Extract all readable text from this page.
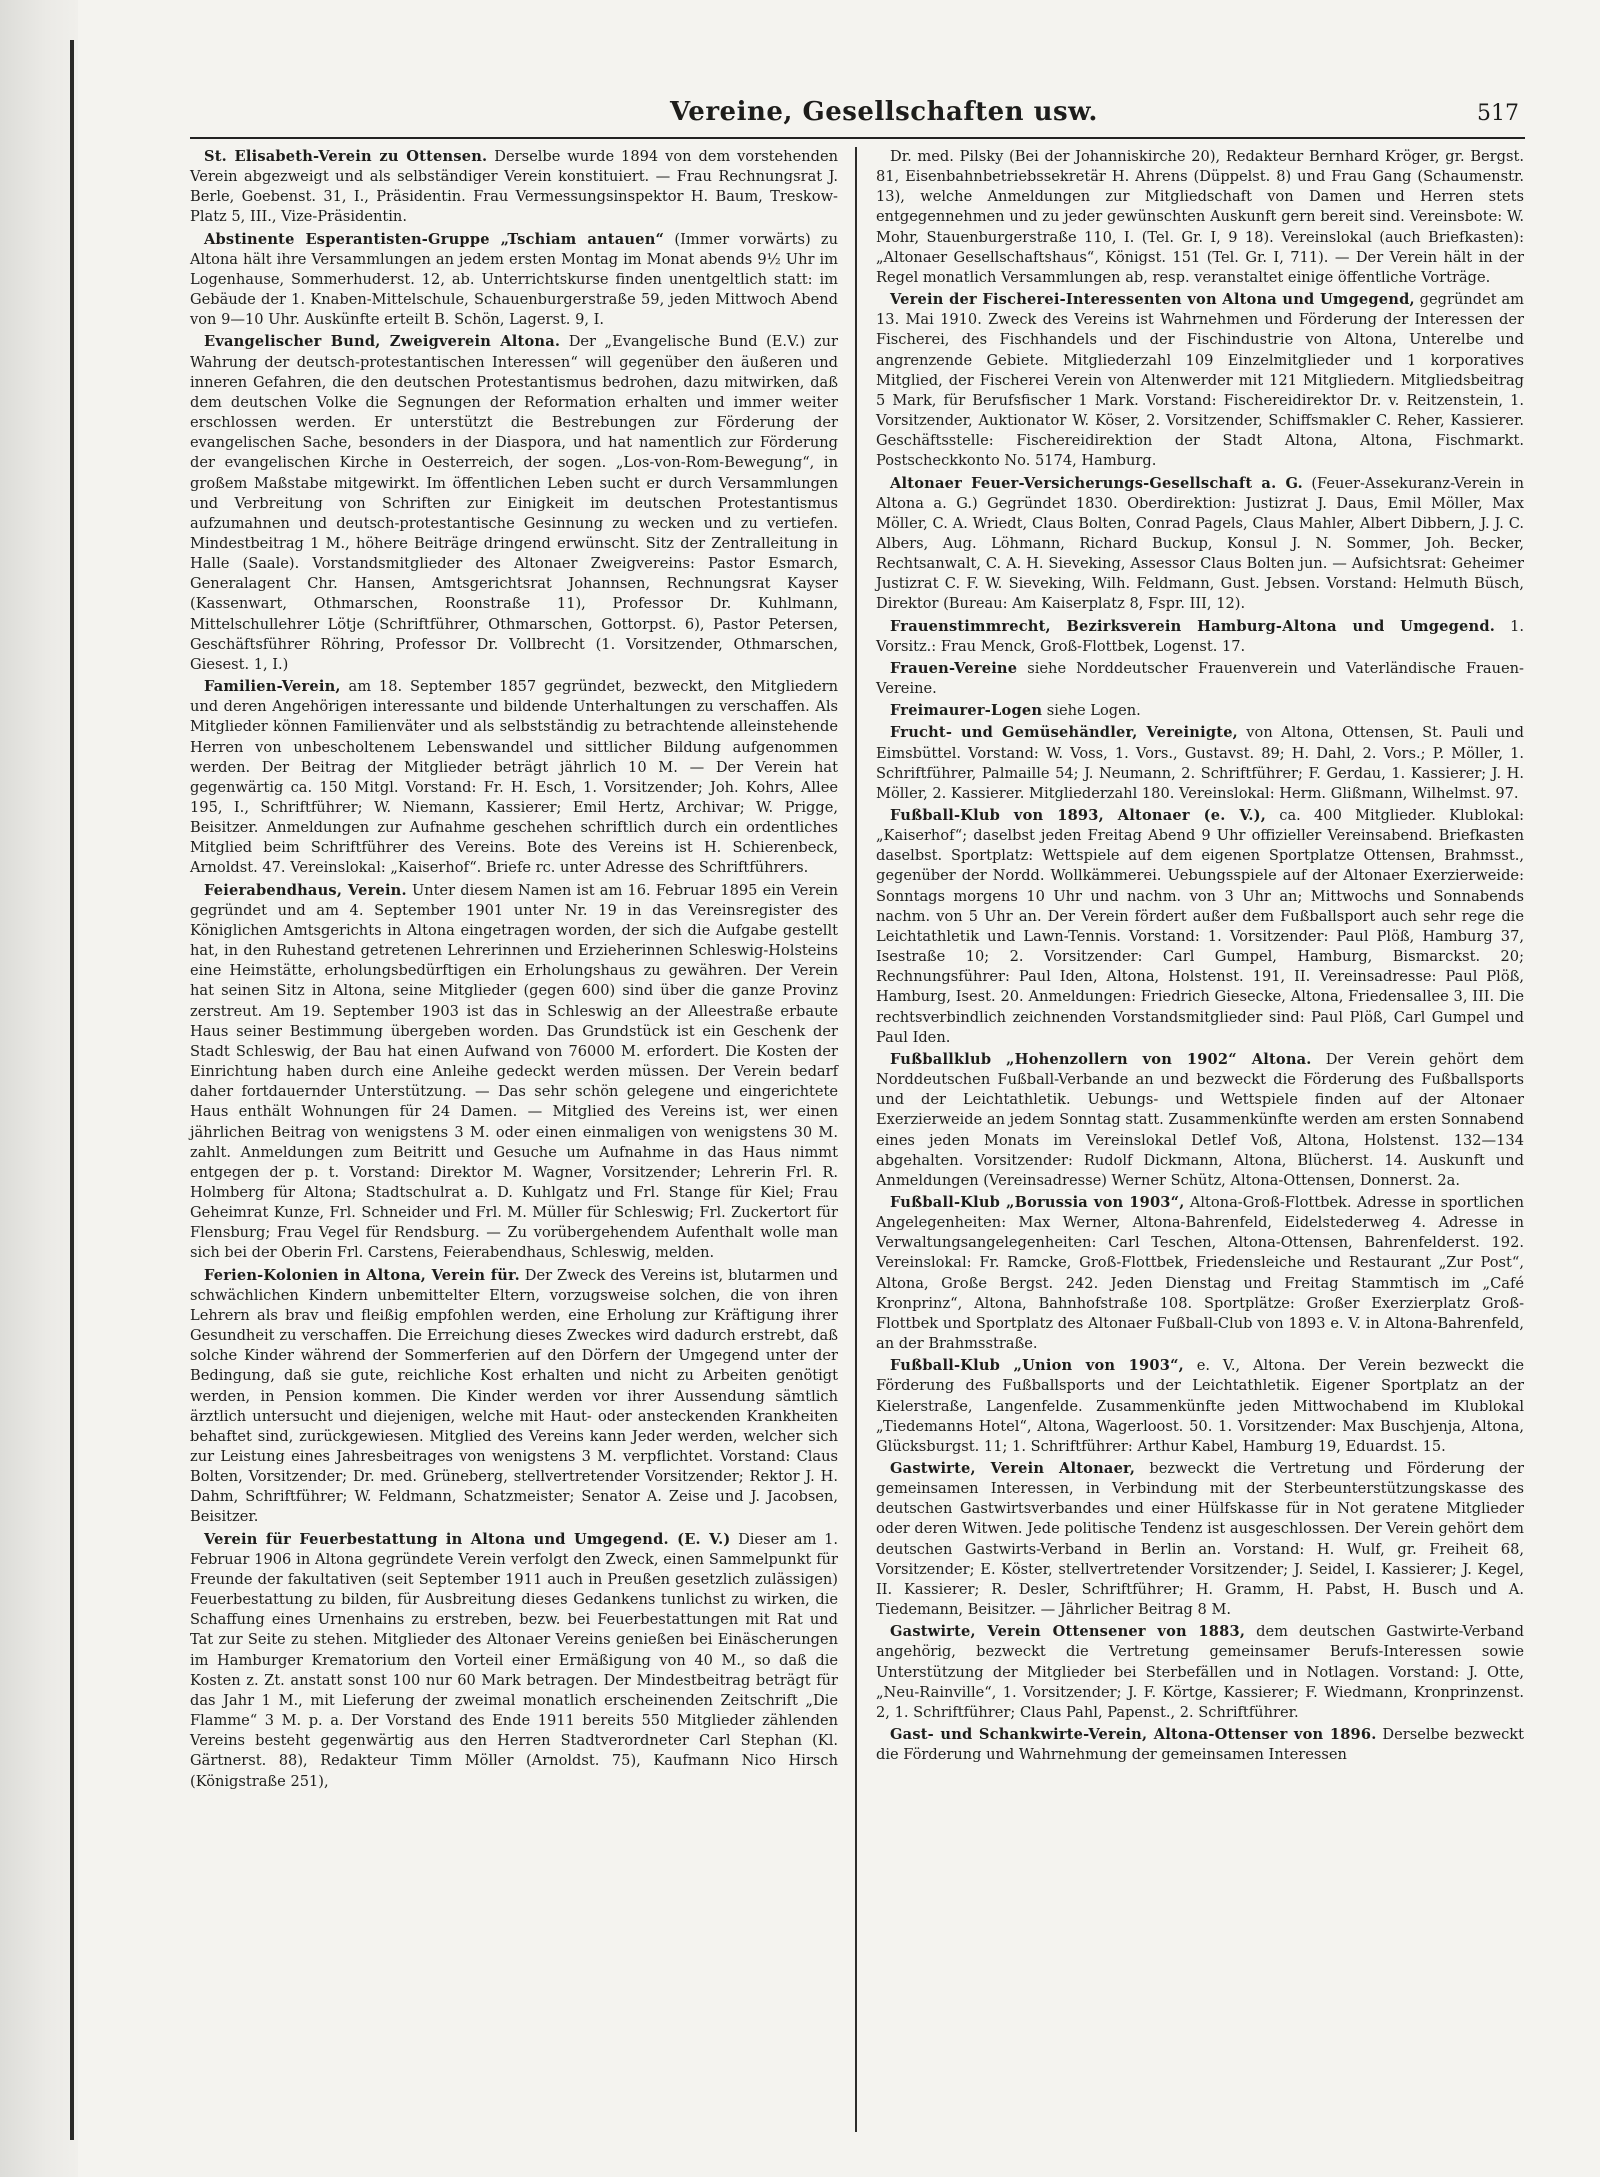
Vereine, Gesellschaften usw.	517

St. Elisabeth-Verein zu Ottensen. Derselbe wurde 1894 von dem vorstehenden Verein abgezweigt und als selbständiger Verein konstituiert. — Frau Rechnungsrat J. Berle, Goebenst. 31, I., Präsidentin. Frau Vermessungsinspektor H. Baum, Treskow-Platz 5, III., Vize-Präsidentin.

Abstinente Esperantisten-Gruppe „Tschiam antauen“ (Immer vorwärts) zu Altona hält ihre Versammlungen an jedem ersten Montag im Monat abends 9½ Uhr im Logenhause, Sommerhuderst. 12, ab. Unterrichtskurse finden unentgeltlich statt: im Gebäude der 1. Knaben-Mittelschule, Schauenburgerstraße 59, jeden Mittwoch Abend von 9—10 Uhr. Auskünfte erteilt B. Schön, Lagerst. 9, I.

Evangelischer Bund, Zweigverein Altona. Der „Evangelische Bund (E.V.) zur Wahrung der deutsch-protestantischen Interessen“ will gegenüber den äußeren und inneren Gefahren, die den deutschen Protestantismus bedrohen, dazu mitwirken, daß dem deutschen Volke die Segnungen der Reformation erhalten und immer weiter erschlossen werden. Er unterstützt die Bestrebungen zur Förderung der evangelischen Sache, besonders in der Diaspora, und hat namentlich zur Förderung der evangelischen Kirche in Oesterreich, der sogen. „Los-von-Rom-Bewegung“, in großem Maßstabe mitgewirkt. Im öffentlichen Leben sucht er durch Versammlungen und Verbreitung von Schriften zur Einigkeit im deutschen Protestantismus aufzumahnen und deutsch-protestantische Gesinnung zu wecken und zu vertiefen. Mindestbeitrag 1 M., höhere Beiträge dringend erwünscht. Sitz der Zentralleitung in Halle (Saale). Vorstandsmitglieder des Altonaer Zweigvereins: Pastor Esmarch, Generalagent Chr. Hansen, Amtsgerichtsrat Johannsen, Rechnungsrat Kayser (Kassenwart, Othmarschen, Roonstraße 11), Professor Dr. Kuhlmann, Mittelschullehrer Lötje (Schriftführer, Othmarschen, Gottorpst. 6), Pastor Petersen, Geschäftsführer Röhring, Professor Dr. Vollbrecht (1. Vorsitzender, Othmarschen, Giesest. 1, I.)

Familien-Verein, am 18. September 1857 gegründet, bezweckt, den Mitgliedern und deren Angehörigen interessante und bildende Unterhaltungen zu verschaffen. Als Mitglieder können Familienväter und als selbstständig zu betrachtende alleinstehende Herren von unbescholtenem Lebenswandel und sittlicher Bildung aufgenommen werden. Der Beitrag der Mitglieder beträgt jährlich 10 M. — Der Verein hat gegenwärtig ca. 150 Mitgl. Vorstand: Fr. H. Esch, 1. Vorsitzender; Joh. Kohrs, Allee 195, I., Schriftführer; W. Niemann, Kassierer; Emil Hertz, Archivar; W. Prigge, Beisitzer. Anmeldungen zur Aufnahme geschehen schriftlich durch ein ordentliches Mitglied beim Schriftführer des Vereins. Bote des Vereins ist H. Schierenbeck, Arnoldst. 47. Vereinslokal: „Kaiserhof“. Briefe rc. unter Adresse des Schriftführers.

Feierabendhaus, Verein. Unter diesem Namen ist am 16. Februar 1895 ein Verein gegründet und am 4. September 1901 unter Nr. 19 in das Vereinsregister des Königlichen Amtsgerichts in Altona eingetragen worden, der sich die Aufgabe gestellt hat, in den Ruhestand getretenen Lehrerinnen und Erzieherinnen Schleswig-Holsteins eine Heimstätte, erholungsbedürftigen ein Erholungshaus zu gewähren. Der Verein hat seinen Sitz in Altona, seine Mitglieder (gegen 600) sind über die ganze Provinz zerstreut. Am 19. September 1903 ist das in Schleswig an der Alleestraße erbaute Haus seiner Bestimmung übergeben worden. Das Grundstück ist ein Geschenk der Stadt Schleswig, der Bau hat einen Aufwand von 76000 M. erfordert. Die Kosten der Einrichtung haben durch eine Anleihe gedeckt werden müssen. Der Verein bedarf daher fortdauernder Unterstützung. — Das sehr schön gelegene und eingerichtete Haus enthält Wohnungen für 24 Damen. — Mitglied des Vereins ist, wer einen jährlichen Beitrag von wenigstens 3 M. oder einen einmaligen von wenigstens 30 M. zahlt. Anmeldungen zum Beitritt und Gesuche um Aufnahme in das Haus nimmt entgegen der p. t. Vorstand: Direktor M. Wagner, Vorsitzender; Lehrerin Frl. R. Holmberg für Altona; Stadtschulrat a. D. Kuhlgatz und Frl. Stange für Kiel; Frau Geheimrat Kunze, Frl. Schneider und Frl. M. Müller für Schleswig; Frl. Zuckertort für Flensburg; Frau Vegel für Rendsburg. — Zu vorübergehendem Aufenthalt wolle man sich bei der Oberin Frl. Carstens, Feierabendhaus, Schleswig, melden.

Ferien-Kolonien in Altona, Verein für. Der Zweck des Vereins ist, blutarmen und schwächlichen Kindern unbemittelter Eltern, vorzugsweise solchen, die von ihren Lehrern als brav und fleißig empfohlen werden, eine Erholung zur Kräftigung ihrer Gesundheit zu verschaffen. Die Erreichung dieses Zweckes wird dadurch erstrebt, daß solche Kinder während der Sommerferien auf den Dörfern der Umgegend unter der Bedingung, daß sie gute, reichliche Kost erhalten und nicht zu Arbeiten genötigt werden, in Pension kommen. Die Kinder werden vor ihrer Aussendung sämtlich ärztlich untersucht und diejenigen, welche mit Haut- oder ansteckenden Krankheiten behaftet sind, zurückgewiesen. Mitglied des Vereins kann Jeder werden, welcher sich zur Leistung eines Jahresbeitrages von wenigstens 3 M. verpflichtet. Vorstand: Claus Bolten, Vorsitzender; Dr. med. Grüneberg, stellvertretender Vorsitzender; Rektor J. H. Dahm, Schriftführer; W. Feldmann, Schatzmeister; Senator A. Zeise und J. Jacobsen, Beisitzer.

Verein für Feuerbestattung in Altona und Umgegend. (E. V.) Dieser am 1. Februar 1906 in Altona gegründete Verein verfolgt den Zweck, einen Sammelpunkt für Freunde der fakultativen (seit September 1911 auch in Preußen gesetzlich zulässigen) Feuerbestattung zu bilden, für Ausbreitung dieses Gedankens tunlichst zu wirken, die Schaffung eines Urnenhains zu erstreben, bezw. bei Feuerbestattungen mit Rat und Tat zur Seite zu stehen. Mitglieder des Altonaer Vereins genießen bei Einäscherungen im Hamburger Krematorium den Vorteil einer Ermäßigung von 40 M., so daß die Kosten z. Zt. anstatt sonst 100 nur 60 Mark betragen. Der Mindestbeitrag beträgt für das Jahr 1 M., mit Lieferung der zweimal monatlich erscheinenden Zeitschrift „Die Flamme“ 3 M. p. a. Der Vorstand des Ende 1911 bereits 550 Mitglieder zählenden Vereins besteht gegenwärtig aus den Herren Stadtverordneter Carl Stephan (Kl. Gärtnerst. 88), Redakteur Timm Möller (Arnoldst. 75), Kaufmann Nico Hirsch (Königstraße 251),

Dr. med. Pilsky (Bei der Johanniskirche 20), Redakteur Bernhard Kröger, gr. Bergst. 81, Eisenbahnbetriebssekretär H. Ahrens (Düppelst. 8) und Frau Gang (Schaumenstr. 13), welche Anmeldungen zur Mitgliedschaft von Damen und Herren stets entgegennehmen und zu jeder gewünschten Auskunft gern bereit sind. Vereinsbote: W. Mohr, Stauenburgerstraße 110, I. (Tel. Gr. I, 9 18). Vereinslokal (auch Briefkasten): „Altonaer Gesellschaftshaus“, Königst. 151 (Tel. Gr. I, 711). — Der Verein hält in der Regel monatlich Versammlungen ab, resp. veranstaltet einige öffentliche Vorträge.

Verein der Fischerei-Interessenten von Altona und Umgegend, gegründet am 13. Mai 1910. Zweck des Vereins ist Wahrnehmen und Förderung der Interessen der Fischerei, des Fischhandels und der Fischindustrie von Altona, Unterelbe und angrenzende Gebiete. Mitgliederzahl 109 Einzelmitglieder und 1 korporatives Mitglied, der Fischerei Verein von Altenwerder mit 121 Mitgliedern. Mitgliedsbeitrag 5 Mark, für Berufsfischer 1 Mark. Vorstand: Fischereidirektor Dr. v. Reitzenstein, 1. Vorsitzender, Auktionator W. Köser, 2. Vorsitzender, Schiffsmakler C. Reher, Kassierer. Geschäftsstelle: Fischereidirektion der Stadt Altona, Altona, Fischmarkt. Postscheckkonto No. 5174, Hamburg.

Altonaer Feuer-Versicherungs-Gesellschaft a. G. (Feuer-Assekuranz-Verein in Altona a. G.) Gegründet 1830. Oberdirektion: Justizrat J. Daus, Emil Möller, Max Möller, C. A. Wriedt, Claus Bolten, Conrad Pagels, Claus Mahler, Albert Dibbern, J. J. C. Albers, Aug. Löhmann, Richard Buckup, Konsul J. N. Sommer, Joh. Becker, Rechtsanwalt, C. A. H. Sieveking, Assessor Claus Bolten jun. — Aufsichtsrat: Geheimer Justizrat C. F. W. Sieveking, Wilh. Feldmann, Gust. Jebsen. Vorstand: Helmuth Büsch, Direktor (Bureau: Am Kaiserplatz 8, Fspr. III, 12).

Frauenstimmrecht, Bezirksverein Hamburg-Altona und Umgegend. 1. Vorsitz.: Frau Menck, Groß-Flottbek, Logenst. 17.

Frauen-Vereine siehe Norddeutscher Frauenverein und Vaterländische Frauen-Vereine.

Freimaurer-Logen siehe Logen.

Frucht- und Gemüsehändler, Vereinigte, von Altona, Ottensen, St. Pauli und Eimsbüttel. Vorstand: W. Voss, 1. Vors., Gustavst. 89; H. Dahl, 2. Vors.; P. Möller, 1. Schriftführer, Palmaille 54; J. Neumann, 2. Schriftführer; F. Gerdau, 1. Kassierer; J. H. Möller, 2. Kassierer. Mitgliederzahl 180. Vereinslokal: Herm. Glißmann, Wilhelmst. 97.

Fußball-Klub von 1893, Altonaer (e. V.), ca. 400 Mitglieder. Klublokal: „Kaiserhof“; daselbst jeden Freitag Abend 9 Uhr offizieller Vereinsabend. Briefkasten daselbst. Sportplatz: Wettspiele auf dem eigenen Sportplatze Ottensen, Brahmsst., gegenüber der Nordd. Wollkämmerei. Uebungsspiele auf der Altonaer Exerzierweide: Sonntags morgens 10 Uhr und nachm. von 3 Uhr an; Mittwochs und Sonnabends nachm. von 5 Uhr an. Der Verein fördert außer dem Fußballsport auch sehr rege die Leichtathletik und Lawn-Tennis. Vorstand: 1. Vorsitzender: Paul Plöß, Hamburg 37, Isestraße 10; 2. Vorsitzender: Carl Gumpel, Hamburg, Bismarckst. 20; Rechnungsführer: Paul Iden, Altona, Holstenst. 191, II. Vereinsadresse: Paul Plöß, Hamburg, Isest. 20. Anmeldungen: Friedrich Giesecke, Altona, Friedensallee 3, III. Die rechtsverbindlich zeichnenden Vorstandsmitglieder sind: Paul Plöß, Carl Gumpel und Paul Iden.

Fußballklub „Hohenzollern von 1902“ Altona. Der Verein gehört dem Norddeutschen Fußball-Verbande an und bezweckt die Förderung des Fußballsports und der Leichtathletik. Uebungs- und Wettspiele finden auf der Altonaer Exerzierweide an jedem Sonntag statt. Zusammenkünfte werden am ersten Sonnabend eines jeden Monats im Vereinslokal Detlef Voß, Altona, Holstenst. 132—134 abgehalten. Vorsitzender: Rudolf Dickmann, Altona, Blücherst. 14. Auskunft und Anmeldungen (Vereinsadresse) Werner Schütz, Altona-Ottensen, Donnerst. 2a.

Fußball-Klub „Borussia von 1903“, Altona-Groß-Flottbek. Adresse in sportlichen Angelegenheiten: Max Werner, Altona-Bahrenfeld, Eidelstederweg 4. Adresse in Verwaltungsangelegenheiten: Carl Teschen, Altona-Ottensen, Bahrenfelderst. 192. Vereinslokal: Fr. Ramcke, Groß-Flottbek, Friedensleiche und Restaurant „Zur Post“, Altona, Große Bergst. 242. Jeden Dienstag und Freitag Stammtisch im „Café Kronprinz“, Altona, Bahnhofstraße 108. Sportplätze: Großer Exerzierplatz Groß-Flottbek und Sportplatz des Altonaer Fußball-Club von 1893 e. V. in Altona-Bahrenfeld, an der Brahmsstraße.

Fußball-Klub „Union von 1903“, e. V., Altona. Der Verein bezweckt die Förderung des Fußballsports und der Leichtathletik. Eigener Sportplatz an der Kielerstraße, Langenfelde. Zusammenkünfte jeden Mittwochabend im Klublokal „Tiedemanns Hotel“, Altona, Wagerloost. 50. 1. Vorsitzender: Max Buschjenja, Altona, Glücksburgst. 11; 1. Schriftführer: Arthur Kabel, Hamburg 19, Eduardst. 15.

Gastwirte, Verein Altonaer, bezweckt die Vertretung und Förderung der gemeinsamen Interessen, in Verbindung mit der Sterbeunterstützungskasse des deutschen Gastwirtsverbandes und einer Hülfskasse für in Not geratene Mitglieder oder deren Witwen. Jede politische Tendenz ist ausgeschlossen. Der Verein gehört dem deutschen Gastwirts-Verband in Berlin an. Vorstand: H. Wulf, gr. Freiheit 68, Vorsitzender; E. Köster, stellvertretender Vorsitzender; J. Seidel, I. Kassierer; J. Kegel, II. Kassierer; R. Desler, Schriftführer; H. Gramm, H. Pabst, H. Busch und A. Tiedemann, Beisitzer. — Jährlicher Beitrag 8 M.

Gastwirte, Verein Ottensener von 1883, dem deutschen Gastwirte-Verband angehörig, bezweckt die Vertretung gemeinsamer Berufs-Interessen sowie Unterstützung der Mitglieder bei Sterbefällen und in Notlagen. Vorstand: J. Otte, „Neu-Rainville“, 1. Vorsitzender; J. F. Körtge, Kassierer; F. Wiedmann, Kronprinzenst. 2, 1. Schriftführer; Claus Pahl, Papenst., 2. Schriftführer.

Gast- und Schankwirte-Verein, Altona-Ottenser von 1896. Derselbe bezweckt die Förderung und Wahrnehmung der gemeinsamen Interessen
